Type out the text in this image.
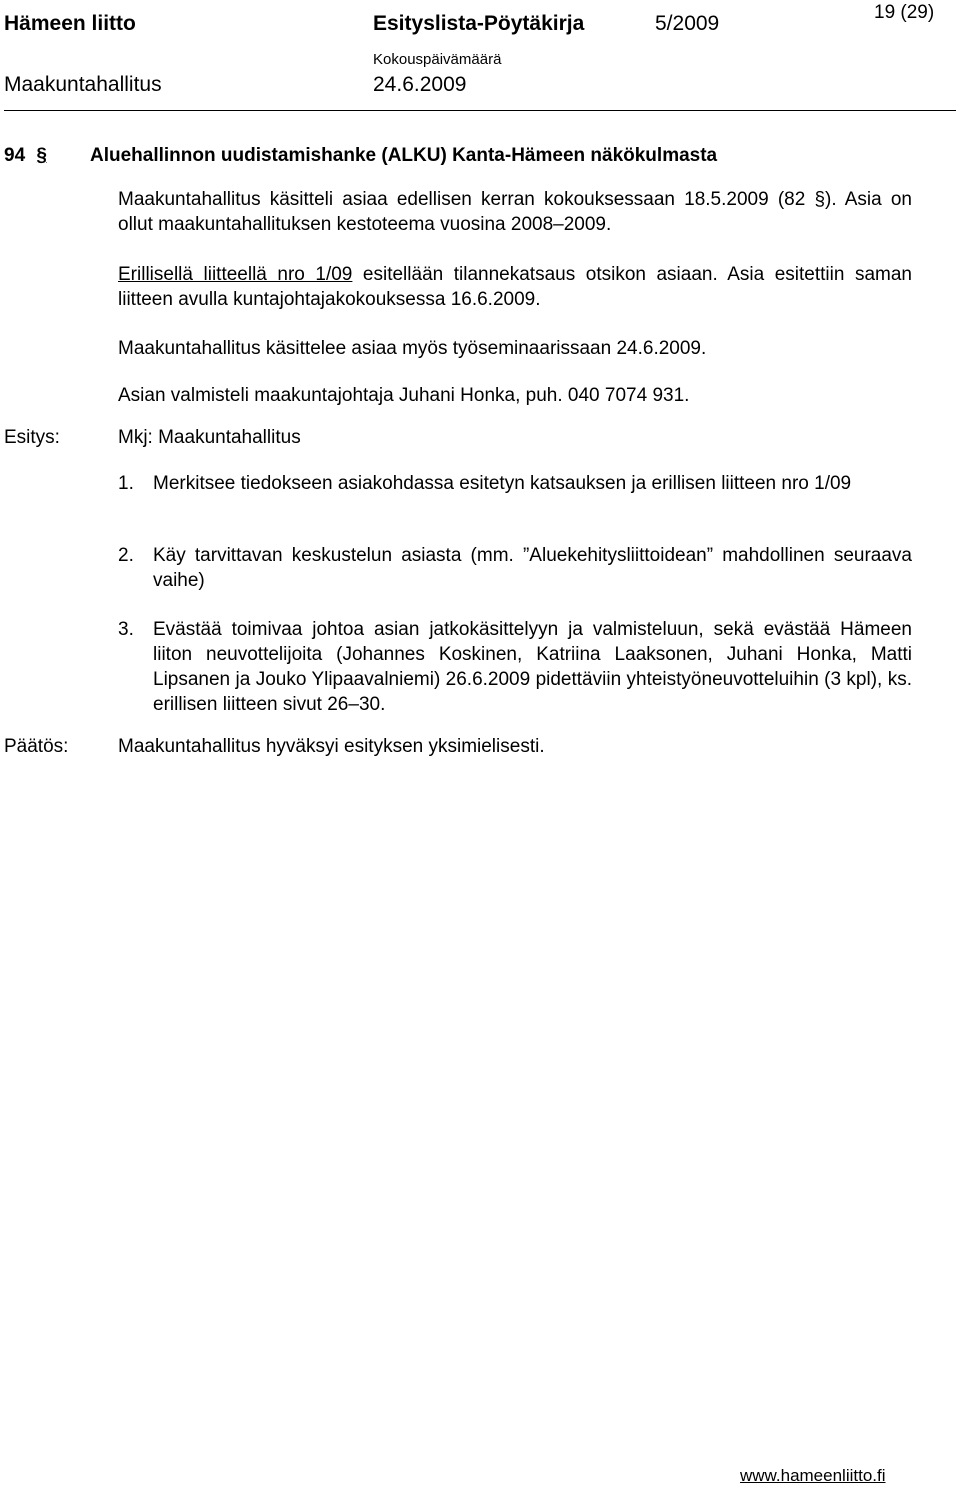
Hämeen liitto	Esityslista-Pöytäkirja	5/2009	19 (29)
Kokouspäivämäärä
Maakuntahallitus	24.6.2009
94 § Aluehallinnon uudistamishanke (ALKU) Kanta-Hämeen näkökulmasta
Maakuntahallitus käsitteli asiaa edellisen kerran kokouksessaan 18.5.2009 (82 §). Asia on ollut maakuntahallituksen kestoteema vuosina 2008–2009.
Erillisellä liitteellä nro 1/09 esitellään tilannekatsaus otsikon asiaan. Asia esitettiin saman liitteen avulla kuntajohtajakokouksessa 16.6.2009.
Maakuntahallitus käsittelee asiaa myös työseminaarissaan 24.6.2009.
Asian valmisteli maakuntajohtaja Juhani Honka, puh. 040 7074 931.
Esitys:	Mkj: Maakuntahallitus
1. Merkitsee tiedokseen asiakohdassa esitetyn katsauksen ja erillisen liitteen nro 1/09
2. Käy tarvittavan keskustelun asiasta (mm. ”Aluekehitysliittoidean” mahdollinen seuraava vaihe)
3. Evästää toimivaa johtoa asian jatkokäsittelyyn ja valmisteluun, sekä evästää Hämeen liiton neuvottelijoita (Johannes Koskinen, Katriina Laaksonen, Juhani Honka, Matti Lipsanen ja Jouko Ylipaavalniemi) 26.6.2009 pidettäviin yhteistyöneuvotteluihin (3 kpl), ks. erillisen liitteen sivut 26–30.
Päätös:	Maakuntahallitus hyväksyi esityksen yksimielisesti.
www.hameenliitto.fi
